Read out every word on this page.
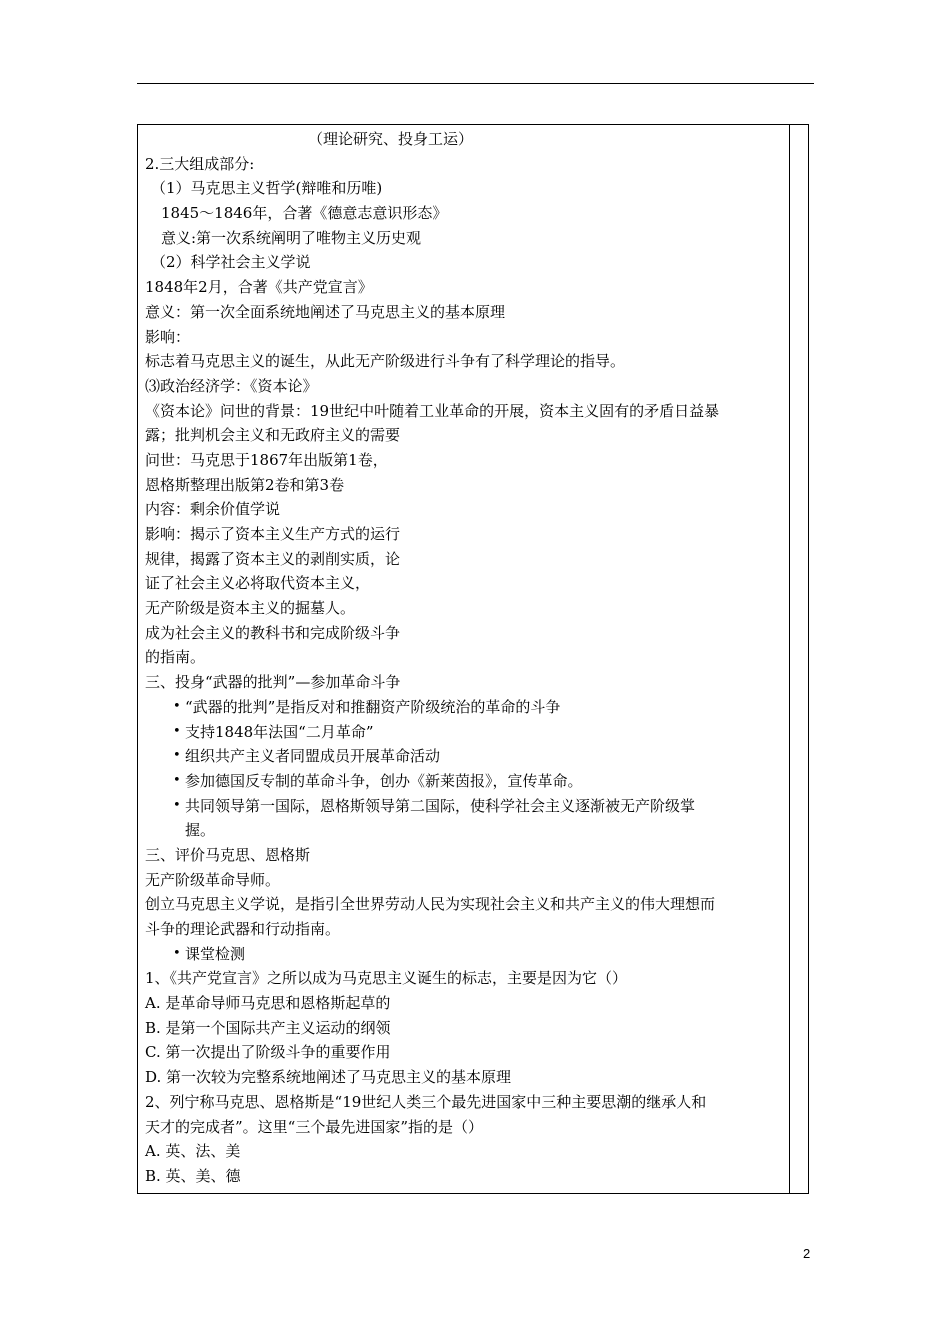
（理论研究、投身工运）
2.三大组成部分:
（1）马克思主义哲学(辩唯和历唯)
1845～1846年，合著《德意志意识形态》
意义:第一次系统阐明了唯物主义历史观
（2）科学社会主义学说
1848年2月，合著《共产党宣言》
意义：第一次全面系统地阐述了马克思主义的基本原理
影响：
标志着马克思主义的诞生，从此无产阶级进行斗争有了科学理论的指导。
⑶政治经济学：《资本论》
《资本论》问世的背景：19世纪中叶随着工业革命的开展，资本主义固有的矛盾日益暴
露；批判机会主义和无政府主义的需要
问世：马克思于1867年出版第1卷，
恩格斯整理出版第2卷和第3卷
内容：剩余价值学说
影响：揭示了资本主义生产方式的运行
规律，揭露了资本主义的剥削实质，论
证了社会主义必将取代资本主义，
无产阶级是资本主义的掘墓人。
成为社会主义的教科书和完成阶级斗争
的指南。
三、投身“武器的批判”—参加革命斗争
• “武器的批判”是指反对和推翻资产阶级统治的革命的斗争
• 支持1848年法国“二月革命”
• 组织共产主义者同盟成员开展革命活动
• 参加德国反专制的革命斗争，创办《新莱茵报》，宣传革命。
• 共同领导第一国际，恩格斯领导第二国际，使科学社会主义逐渐被无产阶级掌
握。
三、评价马克思、恩格斯
无产阶级革命导师。
创立马克思主义学说，是指引全世界劳动人民为实现社会主义和共产主义的伟大理想而
斗争的理论武器和行动指南。
• 课堂检测
1、《共产党宣言》之所以成为马克思主义诞生的标志，主要是因为它（）
A. 是革命导师马克思和恩格斯起草的
B. 是第一个国际共产主义运动的纲领
C. 第一次提出了阶级斗争的重要作用
D. 第一次较为完整系统地阐述了马克思主义的基本原理
2、列宁称马克思、恩格斯是“19世纪人类三个最先进国家中三种主要思潮的继承人和
天才的完成者”。这里“三个最先进国家”指的是（）
A. 英、法、美
B. 英、美、德
2
